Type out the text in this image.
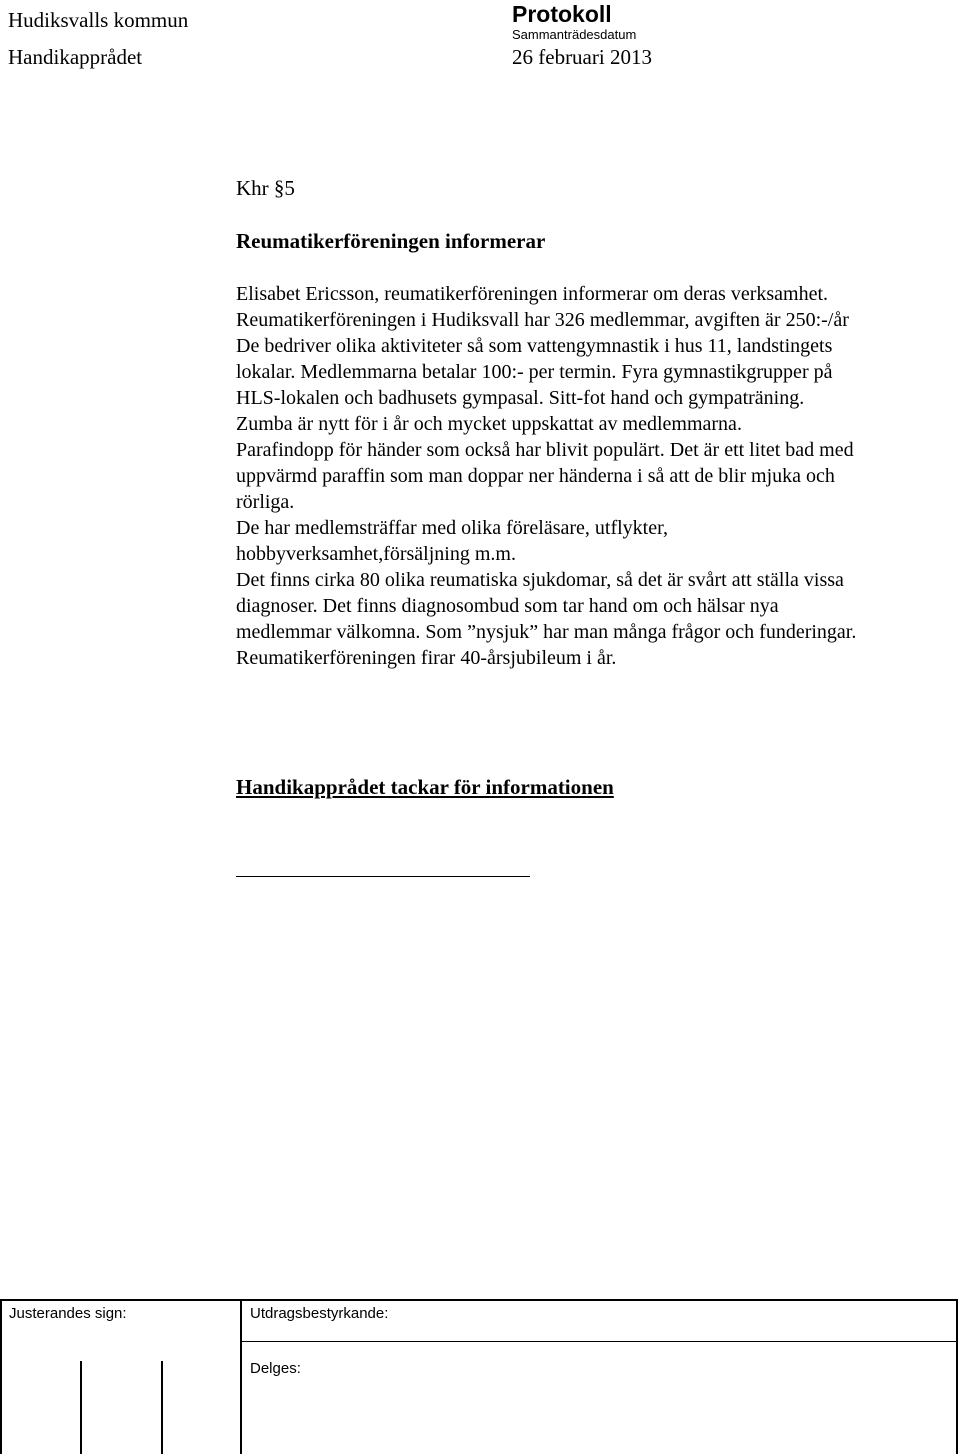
Hudiksvalls kommun
Handikapprådet
Protokoll
Sammanträdesdatum
26 februari 2013
Khr §5
Reumatikerföreningen informerar
Elisabet Ericsson, reumatikerföreningen informerar om deras verksamhet.
Reumatikerföreningen i Hudiksvall har 326 medlemmar, avgiften är 250:-/år
De bedriver olika aktiviteter så som vattengymnastik i hus 11, landstingets
lokalar. Medlemmarna betalar 100:- per termin. Fyra gymnastikgrupper på
HLS-lokalen och badhusets gympasal. Sitt-fot hand och gympaträning.
Zumba är nytt för i år och mycket uppskattat av medlemmarna.
Parafindopp för händer som också har blivit populärt. Det är ett litet bad med
uppvärmd paraffin som man doppar ner händerna i så att de blir mjuka och
rörliga.
De har medlemsträffar med olika föreläsare, utflykter,
hobbyverksamhet,försäljning m.m.
Det finns cirka 80 olika reumatiska sjukdomar, så det är svårt att ställa vissa
diagnoser. Det finns diagnosombud som tar hand om och hälsar nya
medlemmar välkomna. Som ”nysjuk” har man många frågor och funderingar.
Reumatikerföreningen firar 40-årsjubileum i år.
Handikapprådet tackar för informationen
Justerandes sign:	Utdragsbestyrkande:
Delges:
